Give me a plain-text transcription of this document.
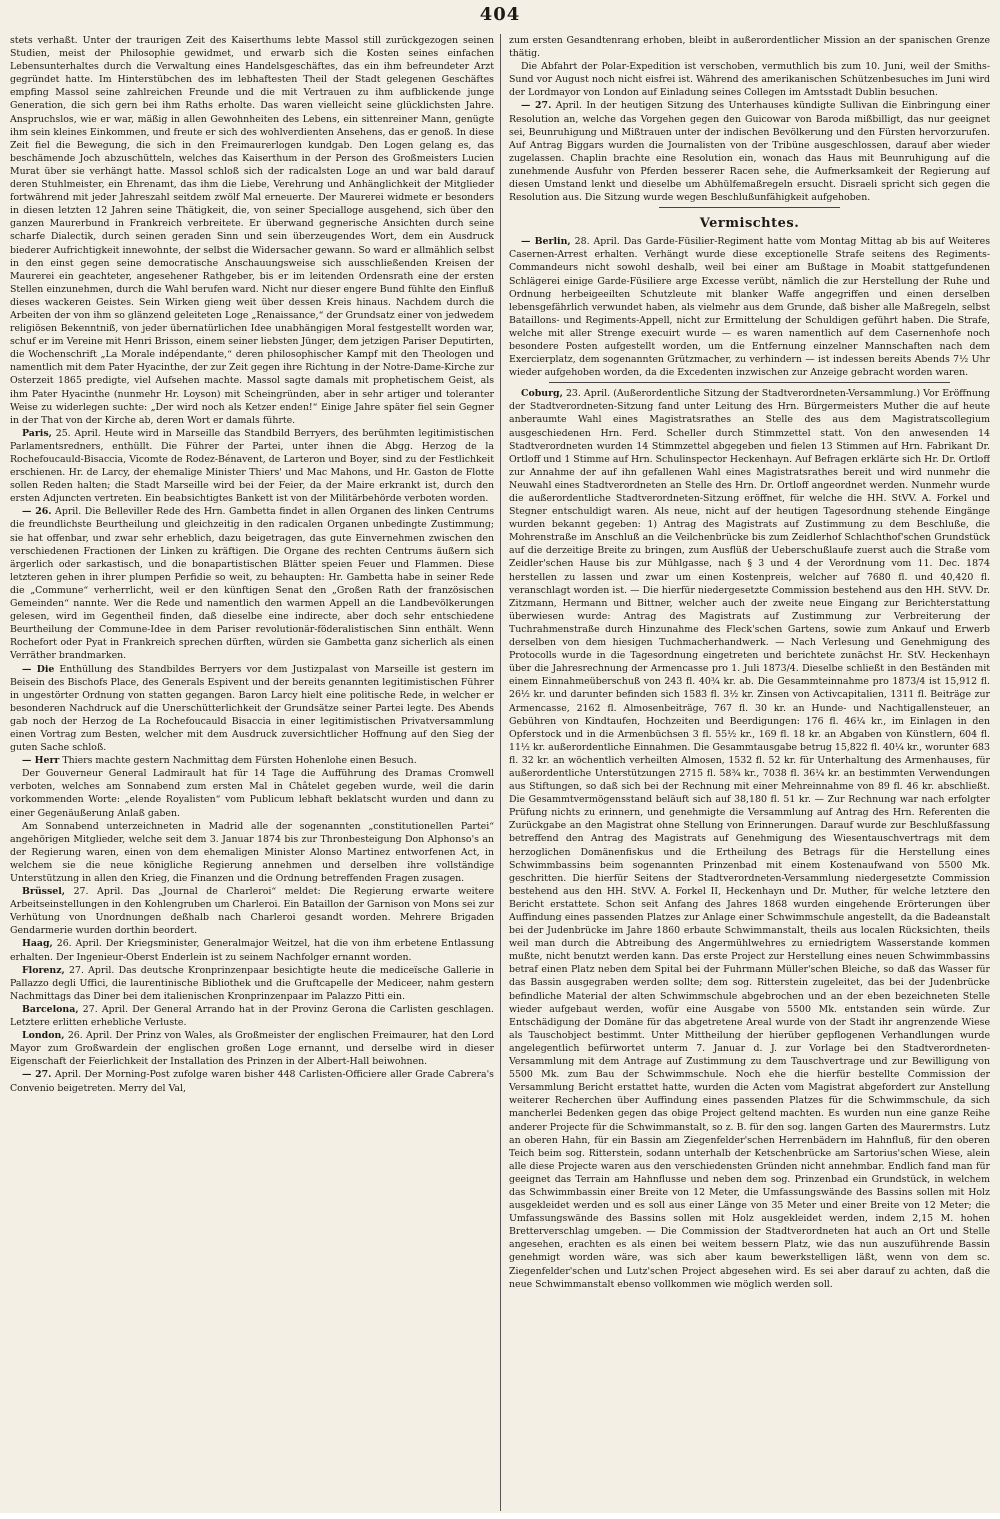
404

stets verhaßt. Unter der traurigen Zeit des Kaiserthums lebte Massol still zurückgezogen seinen Studien, meist der Philosophie gewidmet, und erwarb sich die Kosten seines einfachen Lebensunterhaltes durch die Verwaltung eines Handelsgeschäftes, das ein ihm befreundeter Arzt gegründet hatte. Im Hinterstübchen des im lebhaftesten Theil der Stadt gelegenen Geschäftes empfing Massol seine zahlreichen Freunde und die mit Vertrauen zu ihm aufblickende junge Generation, die sich gern bei ihm Raths erholte. Das waren vielleicht seine glücklichsten Jahre. Anspruchslos, wie er war, mäßig in allen Gewohnheiten des Lebens, ein sittenreiner Mann, genügte ihm sein kleines Einkommen, und freute er sich des wohlverdienten Ansehens, das er genoß. In diese Zeit fiel die Bewegung, die sich in den Freimaurerlogen kundgab. Den Logen gelang es, das beschämende Joch abzuschütteln, welches das Kaiserthum in der Person des Großmeisters Lucien Murat über sie verhängt hatte. Massol schloß sich der radicalsten Loge an und war bald darauf deren Stuhlmeister, ein Ehrenamt, das ihm die Liebe, Verehrung und Anhänglichkeit der Mitglieder fortwährend mit jeder Jahreszahl seitdem zwölf Mal erneuerte. Der Maurerei widmete er besonders in diesen letzten 12 Jahren seine Thätigkeit, die, von seiner Specialloge ausgehend, sich über den ganzen Maurerbund in Frankreich verbreitete. Er überwand gegnerische Ansichten durch seine scharfe Dialectik, durch seinen geraden Sinn und sein überzeugendes Wort, dem ein Ausdruck biederer Aufrichtigkeit innewohnte, der selbst die Widersacher gewann. So ward er allmählich selbst in den einst gegen seine democratische Anschauungsweise sich ausschließenden Kreisen der Maurerei ein geachteter, angesehener Rathgeber, bis er im leitenden Ordensrath eine der ersten Stellen einzunehmen, durch die Wahl berufen ward. Nicht nur dieser engere Bund fühlte den Einfluß dieses wackeren Geistes. Sein Wirken gieng weit über dessen Kreis hinaus. Nachdem durch die Arbeiten der von ihm so glänzend geleiteten Loge „Renaissance,“ der Grundsatz einer von jedwedem religiösen Bekenntniß, von jeder übernatürlichen Idee unabhängigen Moral festgestellt worden war, schuf er im Vereine mit Henri Brisson, einem seiner liebsten Jünger, dem jetzigen Pariser Deputirten, die Wochenschrift „La Morale indépendante,“ deren philosophischer Kampf mit den Theologen und namentlich mit dem Pater Hyacinthe, der zur Zeit gegen ihre Richtung in der Notre-Dame-Kirche zur Osterzeit 1865 predigte, viel Aufsehen machte. Massol sagte damals mit prophetischem Geist, als ihm Pater Hyacinthe (nunmehr Hr. Loyson) mit Scheingründen, aber in sehr artiger und toleranter Weise zu widerlegen suchte: „Der wird noch als Ketzer enden!“ Einige Jahre später fiel sein Gegner in der That von der Kirche ab, deren Wort er damals führte.

Paris, 25. April. Heute wird in Marseille das Standbild Berryers, des berühmten legitimistischen Parlamentsredners, enthüllt. Die Führer der Partei, unter ihnen die Abgg. Herzog de la Rochefoucauld-Bisaccia, Vicomte de Rodez-Bénavent, de Larteron und Boyer, sind zu der Festlichkeit erschienen. Hr. de Larcy, der ehemalige Minister Thiers' und Mac Mahons, und Hr. Gaston de Flotte sollen Reden halten; die Stadt Marseille wird bei der Feier, da der Maire erkrankt ist, durch den ersten Adjuncten vertreten. Ein beabsichtigtes Bankett ist von der Militärbehörde verboten worden.

— 26. April. Die Belleviller Rede des Hrn. Gambetta findet in allen Organen des linken Centrums die freundlichste Beurtheilung und gleichzeitig in den radicalen Organen unbedingte Zustimmung; sie hat offenbar, und zwar sehr erheblich, dazu beigetragen, das gute Einvernehmen zwischen den verschiedenen Fractionen der Linken zu kräftigen. Die Organe des rechten Centrums äußern sich ärgerlich oder sarkastisch, und die bonapartistischen Blätter speien Feuer und Flammen. Diese letzteren gehen in ihrer plumpen Perfidie so weit, zu behaupten: Hr. Gambetta habe in seiner Rede die „Commune“ verherrlicht, weil er den künftigen Senat den „Großen Rath der französischen Gemeinden“ nannte. Wer die Rede und namentlich den warmen Appell an die Landbevölkerungen gelesen, wird im Gegentheil finden, daß dieselbe eine indirecte, aber doch sehr entschiedene Beurtheilung der Commune-Idee in dem Pariser revolutionär-föderalistischen Sinn enthält. Wenn Rochefort oder Pyat in Frankreich sprechen dürften, würden sie Gambetta ganz sicherlich als einen Verräther brandmarken.

— Die Enthüllung des Standbildes Berryers vor dem Justizpalast von Marseille ist gestern im Beisein des Bischofs Place, des Generals Espivent und der bereits genannten legitimistischen Führer in ungestörter Ordnung von statten gegangen. Baron Larcy hielt eine politische Rede, in welcher er besonderen Nachdruck auf die Unerschütterlichkeit der Grundsätze seiner Partei legte. Des Abends gab noch der Herzog de La Rochefoucauld Bisaccia in einer legitimistischen Privatversammlung einen Vortrag zum Besten, welcher mit dem Ausdruck zuversichtlicher Hoffnung auf den Sieg der guten Sache schloß.

— Herr Thiers machte gestern Nachmittag dem Fürsten Hohenlohe einen Besuch.

Der Gouverneur General Ladmirault hat für 14 Tage die Aufführung des Dramas Cromwell verboten, welches am Sonnabend zum ersten Mal in Châtelet gegeben wurde, weil die darin vorkommenden Worte: „elende Royalisten“ vom Publicum lebhaft beklatscht wurden und dann zu einer Gegenäußerung Anlaß gaben.

Am Sonnabend unterzeichneten in Madrid alle der sogenannten „constitutionellen Partei“ angehörigen Mitglieder, welche seit dem 3. Januar 1874 bis zur Thronbesteigung Don Alphonso's an der Regierung waren, einen von dem ehemaligen Minister Alonso Martinez entworfenen Act, in welchem sie die neue königliche Regierung annehmen und derselben ihre vollständige Unterstützung in allen den Krieg, die Finanzen und die Ordnung betreffenden Fragen zusagen.

Brüssel, 27. April. Das „Journal de Charleroi“ meldet: Die Regierung erwarte weitere Arbeitseinstellungen in den Kohlengruben um Charleroi. Ein Bataillon der Garnison von Mons sei zur Verhütung von Unordnungen deßhalb nach Charleroi gesandt worden. Mehrere Brigaden Gendarmerie wurden dorthin beordert.

Haag, 26. April. Der Kriegsminister, Generalmajor Weitzel, hat die von ihm erbetene Entlassung erhalten. Der Ingenieur-Oberst Enderlein ist zu seinem Nachfolger ernannt worden.

Florenz, 27. April. Das deutsche Kronprinzenpaar besichtigte heute die mediceïsche Gallerie in Pallazzo degli Uffici, die laurentinische Bibliothek und die Gruftcapelle der Mediceer, nahm gestern Nachmittags das Diner bei dem italienischen Kronprinzenpaar im Palazzo Pitti ein.

Barcelona, 27. April. Der General Arrando hat in der Provinz Gerona die Carlisten geschlagen. Letztere erlitten erhebliche Verluste.

London, 26. April. Der Prinz von Wales, als Großmeister der englischen Freimaurer, hat den Lord Mayor zum Großwardein der englischen großen Loge ernannt, und derselbe wird in dieser Eigenschaft der Feierlichkeit der Installation des Prinzen in der Albert-Hall beiwohnen.

— 27. April. Der Morning-Post zufolge waren bisher 448 Carlisten-Officiere aller Grade Cabrera's Convenio beigetreten. Merry del Val,

zum ersten Gesandtenrang erhoben, bleibt in außerordentlicher Mission an der spanischen Grenze thätig.

Die Abfahrt der Polar-Expedition ist verschoben, vermuthlich bis zum 10. Juni, weil der Smiths-Sund vor August noch nicht eisfrei ist. Während des amerikanischen Schützenbesuches im Juni wird der Lordmayor von London auf Einladung seines Collegen im Amtsstadt Dublin besuchen.

— 27. April. In der heutigen Sitzung des Unterhauses kündigte Sullivan die Einbringung einer Resolution an, welche das Vorgehen gegen den Guicowar von Baroda mißbilligt, das nur geeignet sei, Beunruhigung und Mißtrauen unter der indischen Bevölkerung und den Fürsten hervorzurufen. Auf Antrag Biggars wurden die Journalisten von der Tribüne ausgeschlossen, darauf aber wieder zugelassen. Chaplin brachte eine Resolution ein, wonach das Haus mit Beunruhigung auf die zunehmende Ausfuhr von Pferden besserer Racen sehe, die Aufmerksamkeit der Regierung auf diesen Umstand lenkt und dieselbe um Abhülfemaßregeln ersucht. Disraeli spricht sich gegen die Resolution aus. Die Sitzung wurde wegen Beschlußunfähigkeit aufgehoben.

Vermischtes.

— Berlin, 28. April. Das Garde-Füsilier-Regiment hatte vom Montag Mittag ab bis auf Weiteres Casernen-Arrest erhalten. Verhängt wurde diese exceptionelle Strafe seitens des Regiments-Commandeurs nicht sowohl deshalb, weil bei einer am Bußtage in Moabit stattgefundenen Schlägerei einige Garde-Füsiliere arge Excesse verübt, nämlich die zur Herstellung der Ruhe und Ordnung herbeigeeilten Schutzleute mit blanker Waffe angegriffen und einen derselben lebensgefährlich verwundet haben, als vielmehr aus dem Grunde, daß bisher alle Maßregeln, selbst Bataillons- und Regiments-Appell, nicht zur Ermittelung der Schuldigen geführt haben. Die Strafe, welche mit aller Strenge execuirt wurde — es waren namentlich auf dem Casernenhofe noch besondere Posten aufgestellt worden, um die Entfernung einzelner Mannschaften nach dem Exercierplatz, dem sogenannten Grützmacher, zu verhindern — ist indessen bereits Abends 7½ Uhr wieder aufgehoben worden, da die Excedenten inzwischen zur Anzeige gebracht worden waren.

Coburg, 23. April. (Außerordentliche Sitzung der Stadtverordneten-Versammlung.) Vor Eröffnung der Stadtverordneten-Sitzung fand unter Leitung des Hrn. Bürgermeisters Muther die auf heute anberaumte Wahl eines Magistratsrathes an Stelle des aus dem Magistratscollegium ausgeschiedenen Hrn. Ferd. Scheller durch Stimmzettel statt. Von den anwesenden 14 Stadtverordneten wurden 14 Stimmzettel abgegeben und fielen 13 Stimmen auf Hrn. Fabrikant Dr. Ortloff und 1 Stimme auf Hrn. Schulinspector Heckenhayn. Auf Befragen erklärte sich Hr. Dr. Ortloff zur Annahme der auf ihn gefallenen Wahl eines Magistratsrathes bereit und wird nunmehr die Neuwahl eines Stadtverordneten an Stelle des Hrn. Dr. Ortloff angeordnet werden. Nunmehr wurde die außerordentliche Stadtverordneten-Sitzung eröffnet, für welche die HH. StVV. A. Forkel und Stegner entschuldigt waren. Als neue, nicht auf der heutigen Tagesordnung stehende Eingänge wurden bekannt gegeben: 1) Antrag des Magistrats auf Zustimmung zu dem Beschluße, die Mohrenstraße im Anschluß an die Veilchenbrücke bis zum Zeidlerhof Schlachthof'schen Grundstück auf die derzeitige Breite zu bringen, zum Ausflüß der Ueberschußlaufe zuerst auch die Straße vom Zeidler'schen Hause bis zur Mühlgasse, nach § 3 und 4 der Verordnung vom 11. Dec. 1874 herstellen zu lassen und zwar um einen Kostenpreis, welcher auf 7680 fl. und 40,420 fl. veranschlagt worden ist. — Die hierfür niedergesetzte Commission bestehend aus den HH. StVV. Dr. Zitzmann, Hermann und Bittner, welcher auch der zweite neue Eingang zur Berichterstattung überwiesen wurde: Antrag des Magistrats auf Zustimmung zur Verbreiterung der Tuchrahmenstraße durch Hinzunahme des Fleck'schen Gartens, sowie zum Ankauf und Erwerb derselben von dem hiesigen Tuchmacherhandwerk. — Nach Verlesung und Genehmigung des Protocolls wurde in die Tagesordnung eingetreten und berichtete zunächst Hr. StV. Heckenhayn über die Jahresrechnung der Armencasse pro 1. Juli 1873/4. Dieselbe schließt in den Beständen mit einem Einnahmeüberschuß von 243 fl. 40¾ kr. ab. Die Gesammteinnahme pro 1873/4 ist 15,912 fl. 26½ kr. und darunter befinden sich 1583 fl. 3½ kr. Zinsen von Activcapitalien, 1311 fl. Beiträge zur Armencasse, 2162 fl. Almosenbeiträge, 767 fl. 30 kr. an Hunde- und Nachtigallensteuer, an Gebühren von Kindtaufen, Hochzeiten und Beerdigungen: 176 fl. 46¼ kr., im Einlagen in den Opferstock und in die Armenbüchsen 3 fl. 55½ kr., 169 fl. 18 kr. an Abgaben von Künstlern, 604 fl. 11½ kr. außerordentliche Einnahmen. Die Gesammtausgabe betrug 15,822 fl. 40¼ kr., worunter 683 fl. 32 kr. an wöchentlich verheilten Almosen, 1532 fl. 52 kr. für Unterhaltung des Armenhauses, für außerordentliche Unterstützungen 2715 fl. 58¾ kr., 7038 fl. 36¼ kr. an bestimmten Verwendungen aus Stiftungen, so daß sich bei der Rechnung mit einer Mehreinnahme von 89 fl. 46 kr. abschließt. Die Gesammtvermögensstand beläuft sich auf 38,180 fl. 51 kr. — Zur Rechnung war nach erfolgter Prüfung nichts zu erinnern, und genehmigte die Versammlung auf Antrag des Hrn. Referenten die Zurückgabe an den Magistrat ohne Stellung von Erinnerungen. Darauf wurde zur Beschlußfassung betreffend den Antrag des Magistrats auf Genehmigung des Wiesentauschvertrags mit dem herzoglichen Domänenfiskus und die Ertheilung des Betrags für die Herstellung eines Schwimmbassins beim sogenannten Prinzenbad mit einem Kostenaufwand von 5500 Mk. geschritten. Die hierfür Seitens der Stadtverordneten-Versammlung niedergesetzte Commission bestehend aus den HH. StVV. A. Forkel II, Heckenhayn und Dr. Muther, für welche letztere den Bericht erstattete. Schon seit Anfang des Jahres 1868 wurden eingehende Erörterungen über Auffindung eines passenden Platzes zur Anlage einer Schwimmschule angestellt, da die Badeanstalt bei der Judenbrücke im Jahre 1860 erbaute Schwimmanstalt, theils aus localen Rücksichten, theils weil man durch die Abtreibung des Angermühlwehres zu erniedrigtem Wasserstande kommen mußte, nicht benutzt werden kann. Das erste Project zur Herstellung eines neuen Schwimmbassins betraf einen Platz neben dem Spital bei der Fuhrmann Müller'schen Bleiche, so daß das Wasser für das Bassin ausgegraben werden sollte; dem sog. Ritterstein zugeleitet, das bei der Judenbrücke befindliche Material der alten Schwimmschule abgebrochen und an der eben bezeichneten Stelle wieder aufgebaut werden, wofür eine Ausgabe von 5500 Mk. entstanden sein würde. Zur Entschädigung der Domäne für das abgetretene Areal wurde von der Stadt ihr angrenzende Wiese als Tauschobject bestimmt. Unter Mittheilung der hierüber gepflogenen Verhandlungen wurde angelegentlich befürwortet unterm 7. Januar d. J. zur Vorlage bei den Stadtverordneten-Versammlung mit dem Antrage auf Zustimmung zu dem Tauschvertrage und zur Bewilligung von 5500 Mk. zum Bau der Schwimmschule. Noch ehe die hierfür bestellte Commission der Versammlung Bericht erstattet hatte, wurden die Acten vom Magistrat abgefordert zur Anstellung weiterer Recherchen über Auffindung eines passenden Platzes für die Schwimmschule, da sich mancherlei Bedenken gegen das obige Project geltend machten. Es wurden nun eine ganze Reihe anderer Projecte für die Schwimmanstalt, so z. B. für den sog. langen Garten des Maurermstrs. Lutz an oberen Hahn, für ein Bassin am Ziegenfelder'schen Herrenbädern im Hahnfluß, für den oberen Teich beim sog. Ritterstein, sodann unterhalb der Ketschenbrücke am Sartorius'schen Wiese, alein alle diese Projecte waren aus den verschiedensten Gründen nicht annehmbar. Endlich fand man für geeignet das Terrain am Hahnflusse und neben dem sog. Prinzenbad ein Grundstück, in welchem das Schwimmbassin einer Breite von 12 Meter, die Umfassungswände des Bassins sollen mit Holz ausgekleidet werden und es soll aus einer Länge von 35 Meter und einer Breite von 12 Meter; die Umfassungswände des Bassins sollen mit Holz ausgekleidet werden, indem 2,15 M. hohen Bretterverschlag umgeben. — Die Commission der Stadtverordneten hat auch an Ort und Stelle angesehen, erachten es als einen bei weitem bessern Platz, wie das nun auszuführende Bassin genehmigt worden wäre, was sich aber kaum bewerkstelligen läßt, wenn von dem sc. Ziegenfelder'schen und Lutz'schen Project abgesehen wird. Es sei aber darauf zu achten, daß die neue Schwimmanstalt ebenso vollkommen wie möglich werden soll.
